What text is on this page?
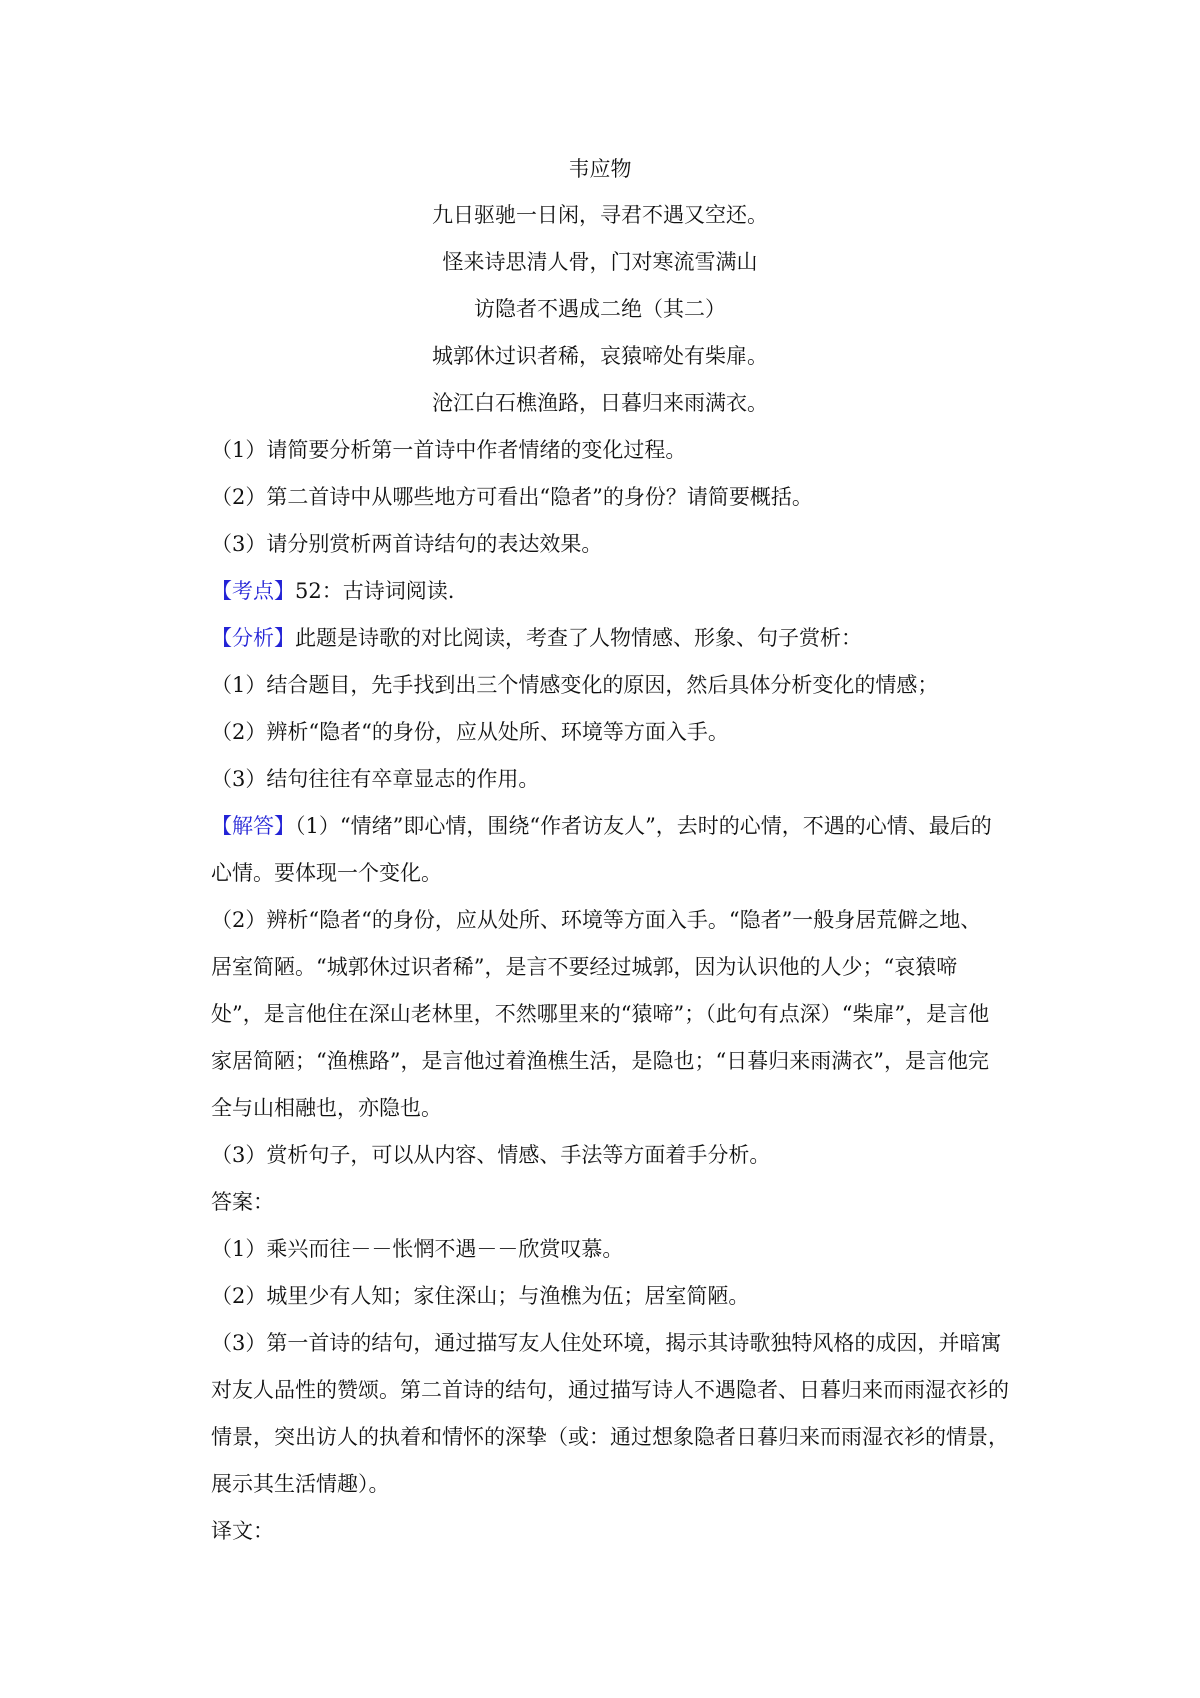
韦应物
九日驱驰一日闲，寻君不遇又空还。
怪来诗思清人骨，门对寒流雪满山
访隐者不遇成二绝（其二）
城郭休过识者稀，哀猿啼处有柴扉。
沧江白石樵渔路，日暮归来雨满衣。
（1）请简要分析第一首诗中作者情绪的变化过程。
（2）第二首诗中从哪些地方可看出“隐者”的身份？请简要概括。
（3）请分别赏析两首诗结句的表达效果。
【考点】52：古诗词阅读.
【分析】此题是诗歌的对比阅读，考查了人物情感、形象、句子赏析：
（1）结合题目，先手找到出三个情感变化的原因，然后具体分析变化的情感；
（2）辨析“隐者“的身份，应从处所、环境等方面入手。
（3）结句往往有卒章显志的作用。
【解答】（1）“情绪”即心情，围绕“作者访友人”，去时的心情，不遇的心情、最后的
心情。要体现一个变化。
（2）辨析“隐者“的身份，应从处所、环境等方面入手。“隐者”一般身居荒僻之地、
居室简陋。“城郭休过识者稀”，是言不要经过城郭，因为认识他的人少；“哀猿啼
处”，是言他住在深山老林里，不然哪里来的“猿啼”；（此句有点深）“柴扉”，是言他
家居简陋；“渔樵路”，是言他过着渔樵生活，是隐也；“日暮归来雨满衣”，是言他完
全与山相融也，亦隐也。
（3）赏析句子，可以从内容、情感、手法等方面着手分析。
答案：
（1）乘兴而往－－怅惘不遇－－欣赏叹慕。
（2）城里少有人知；家住深山；与渔樵为伍；居室简陋。
（3）第一首诗的结句，通过描写友人住处环境，揭示其诗歌独特风格的成因，并暗寓
对友人品性的赞颂。第二首诗的结句，通过描写诗人不遇隐者、日暮归来而雨湿衣衫的
情景，突出访人的执着和情怀的深挚（或：通过想象隐者日暮归来而雨湿衣衫的情景，
展示其生活情趣）。
译文：
